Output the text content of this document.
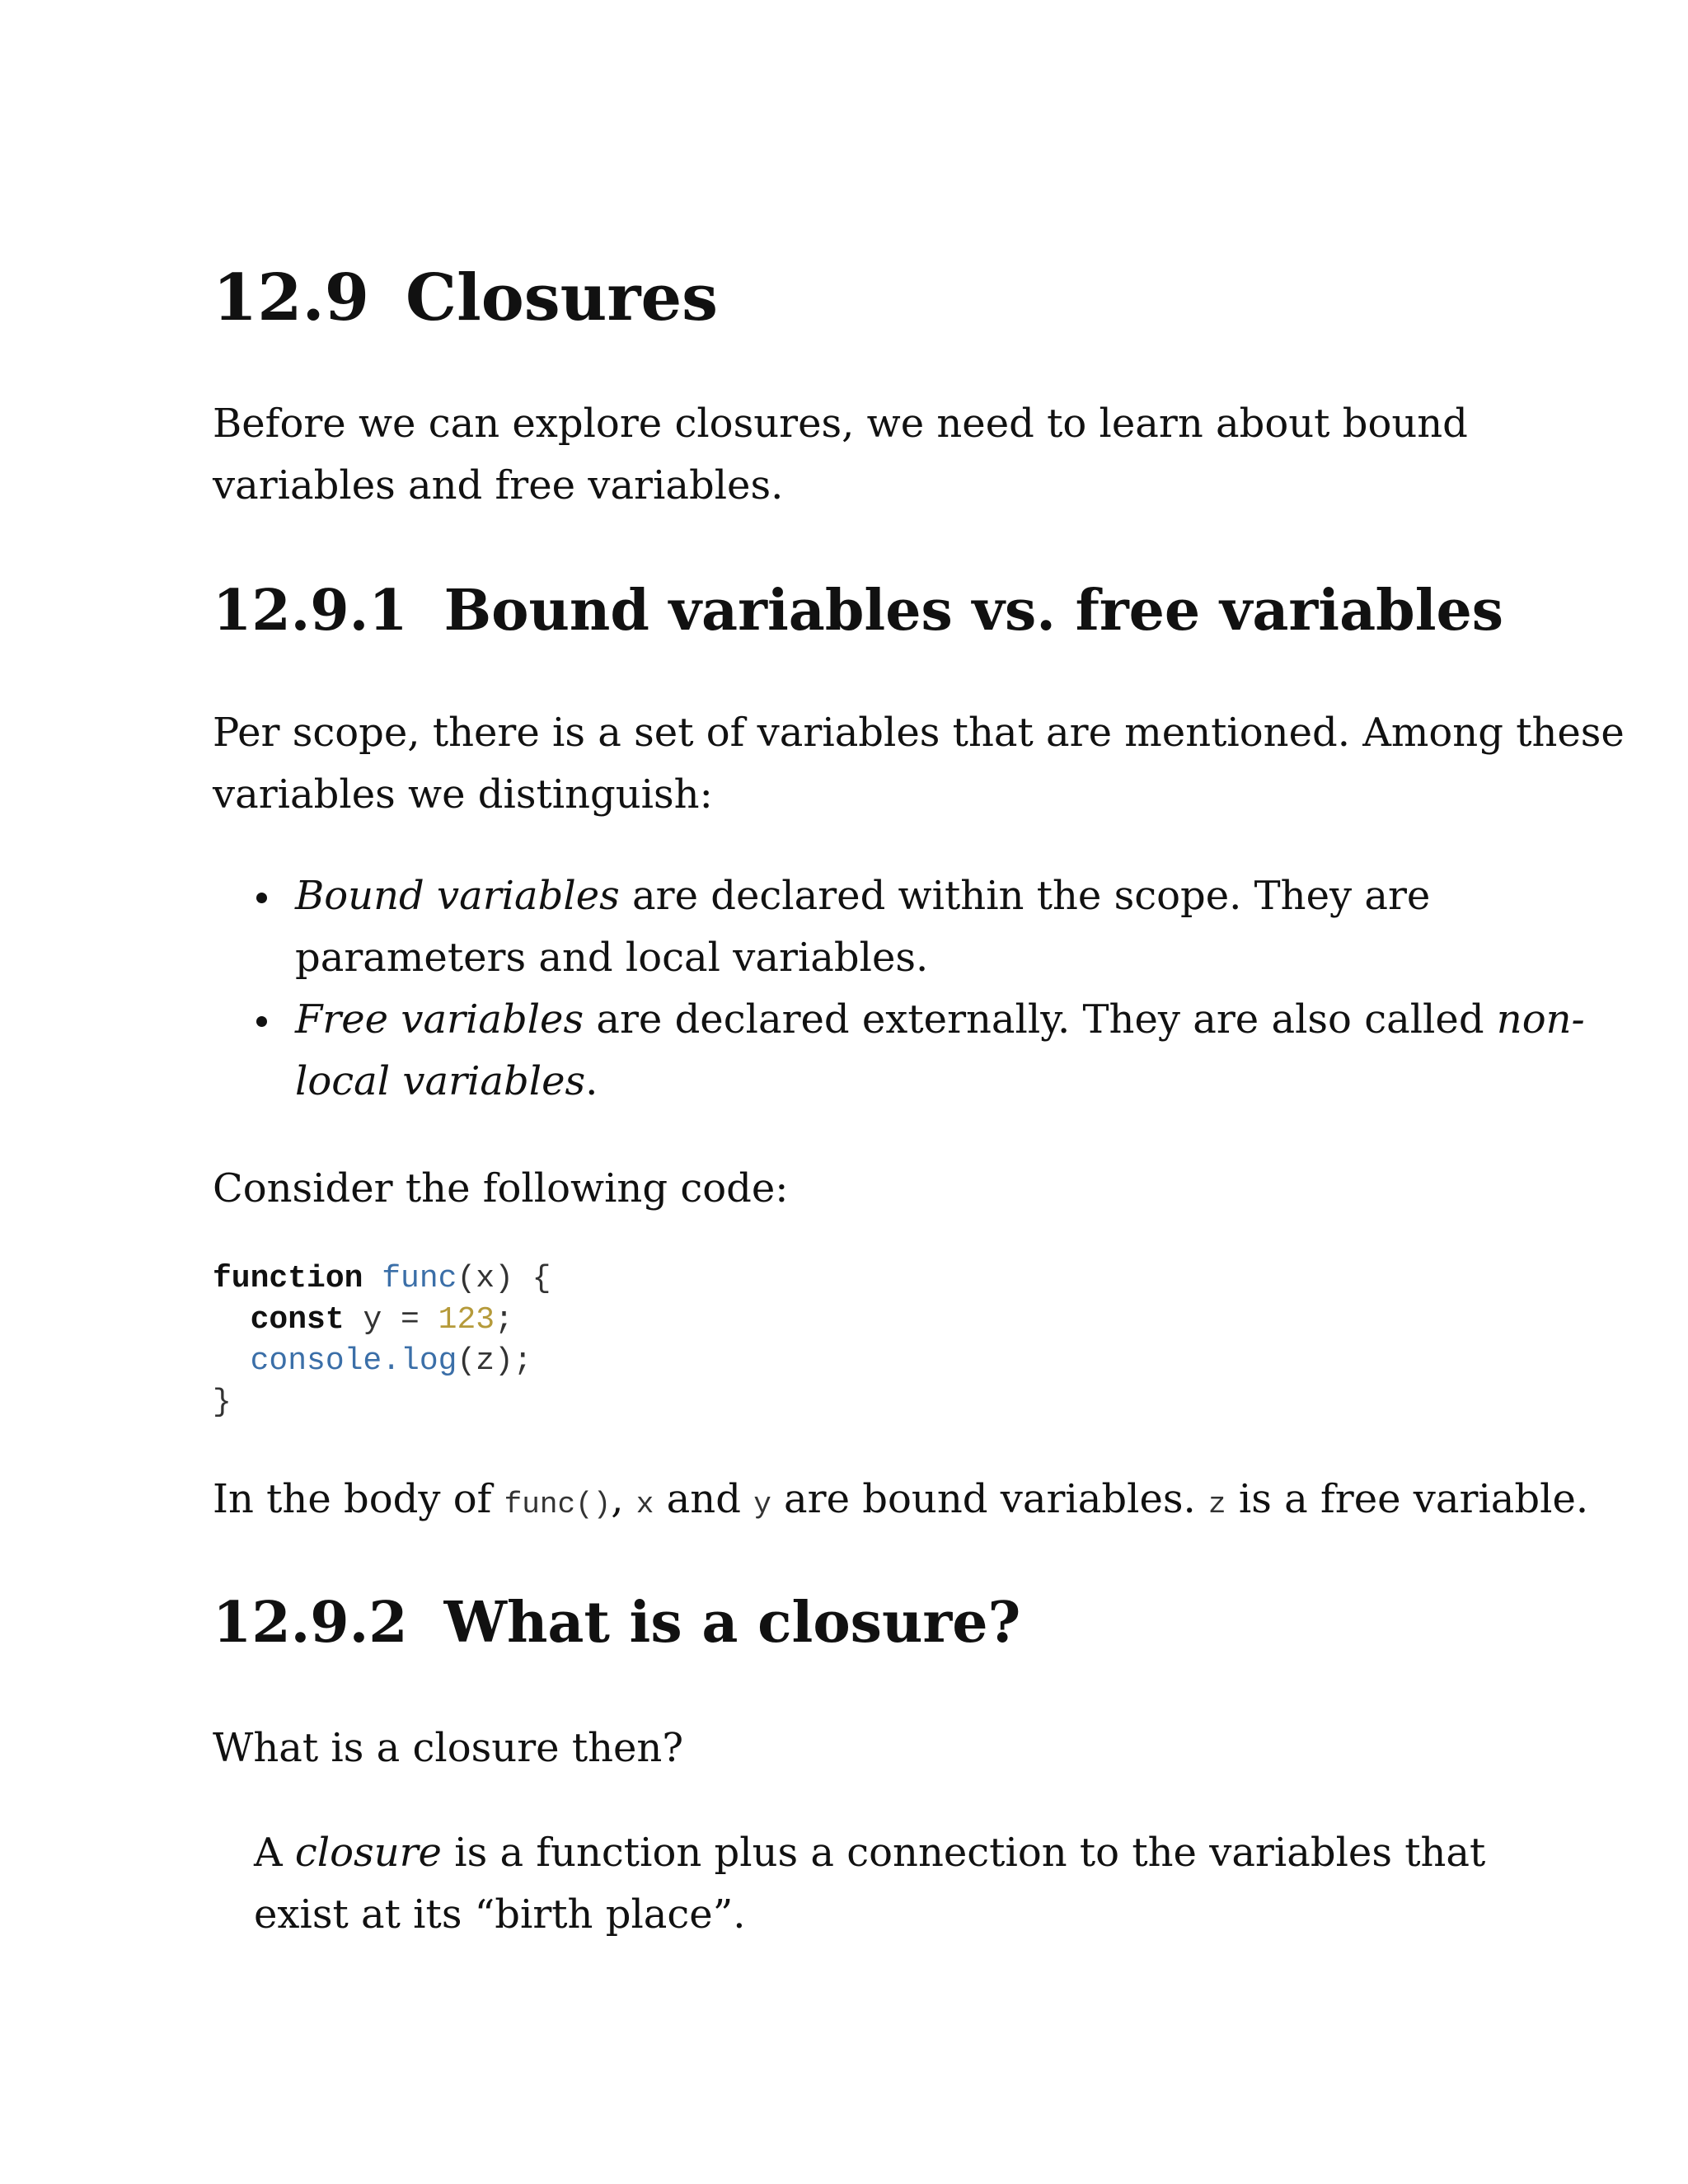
12.9 Closures

Before we can explore closures, we need to learn about bound
variables and free variables.

12.9.1 Bound variables vs. free variables

Per scope, there is a set of variables that are mentioned. Among these
variables we distinguish:

Bound variables are declared within the scope. They are
parameters and local variables.
Free variables are declared externally. They are also called non-
local variables.

Consider the following code:

function func(x) {
const y = 123;
console.log(z);
}

In the body of func(), x and y are bound variables. z is a free variable.

12.9.2 What is a closure?

What is a closure then?

A closure is a function plus a connection to the variables that
exist at its “birth place”.
